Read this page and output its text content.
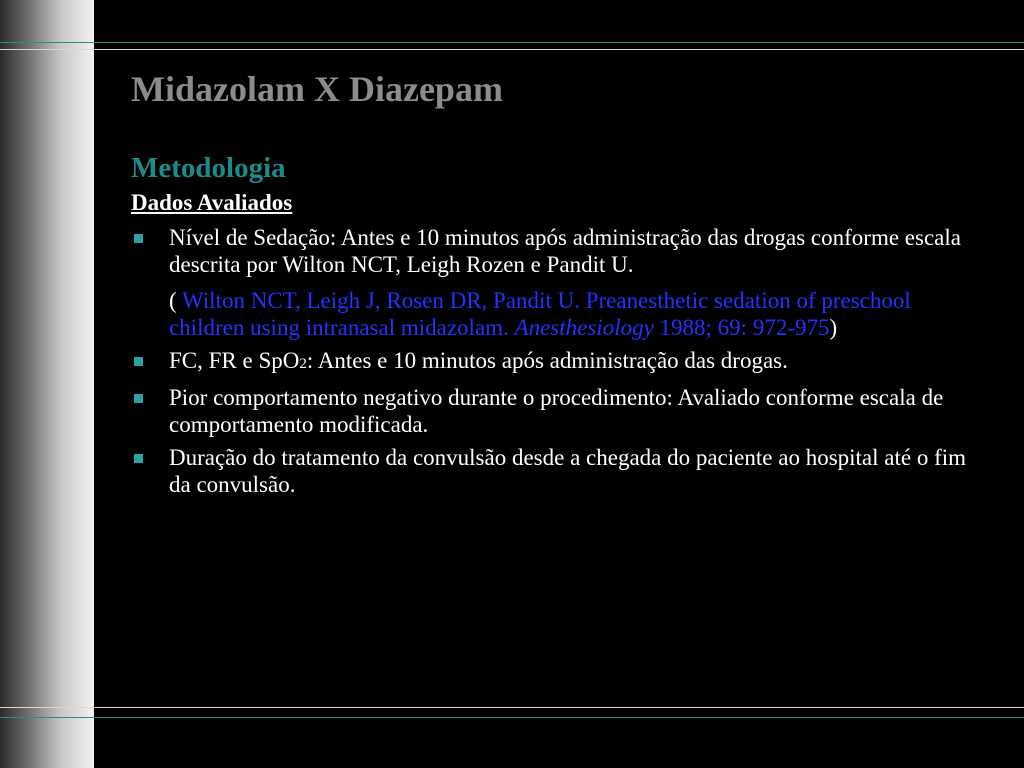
Midazolam X Diazepam
Metodologia
Dados Avaliados
Nível de Sedação: Antes e 10 minutos após administração das drogas conforme escala descrita por Wilton NCT, Leigh Rozen e Pandit U.
( Wilton NCT, Leigh J, Rosen DR, Pandit U. Preanesthetic sedation of preschool children using intranasal midazolam. Anesthesiology 1988; 69: 972-975)
FC, FR e SpO2: Antes e 10 minutos após administração das drogas.
Pior comportamento negativo durante o procedimento: Avaliado conforme escala de comportamento modificada.
Duração do tratamento da convulsão desde a chegada do paciente ao hospital até o fim da convulsão.
